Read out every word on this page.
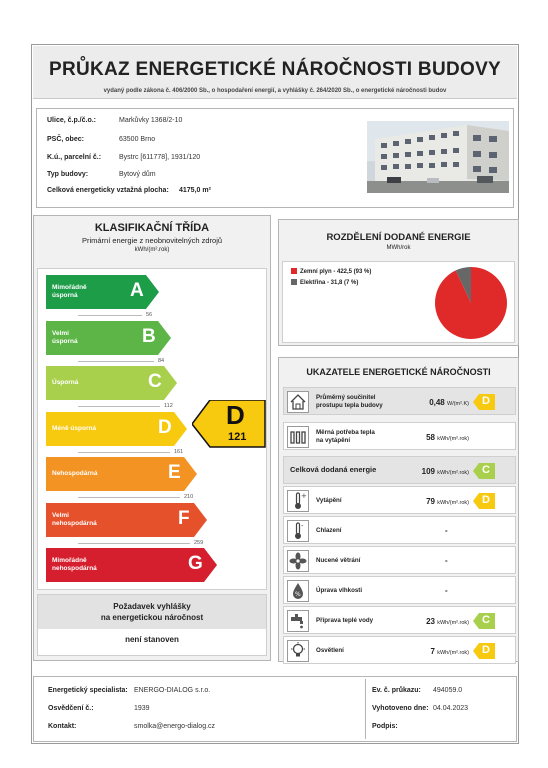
PRŮKAZ ENERGETICKÉ NÁROČNOSTI BUDOVY
vydaný podle zákona č. 406/2000 Sb., o hospodaření energií, a vyhlášky č. 264/2020 Sb., o energetické náročnosti budov
Ulice, č.p./č.o.:	Markůvky 1368/2-10
PSČ, obec:	63500 Brno
K.ú., parcelní č.:	Bystrc [611778], 1931/120
Typ budovy:	Bytový dům
Celková energeticky vztažná plocha: 4175,0 m²
KLASIFIKAČNÍ TŘÍDA
Primární energie z neobnovitelných zdrojů
kWh/(m².rok)
Mimořádně
úsporná	A
56
Velmi
úsporná	B
84
Úsporná	C
112
Méně úsporná	D
161
Nehospodárná	E
210
Velmi
nehospodárná	F
259
Mimořádně
nehospodárná	G
Požadavek vyhlášky
na energetickou náročnost
není stanoven
D
121
ROZDĚLENÍ DODANÉ ENERGIE
MWh/rok
Zemní plyn - 422,5 (93 %)
Elektřina - 31,8 (7 %)
UKAZATELE ENERGETICKÉ NÁROČNOSTI
Průměrný součinitel
prostupu tepla budovy	0,48 W/(m².K) D
Měrná potřeba tepla
na vytápění	58 kWh/(m².rok)
Celková dodaná energie	109 kWh/(m².rok) C
+
Vytápění	79 kWh/(m².rok) D
-
Chlazení	-
Nucené větrání	-
%
Úprava vlhkosti	-
Příprava teplé vody	23 kWh/(m².rok) C
Osvětlení	7 kWh/(m².rok) D
Energetický specialista: ENERGO-DIALOG s.r.o.
Osvědčení č.:	1939
Kontakt:	smolka@energo-dialog.cz
Ev. č. průkazu: 494059.0
Vyhotoveno dne: 04.04.2023
Podpis:
